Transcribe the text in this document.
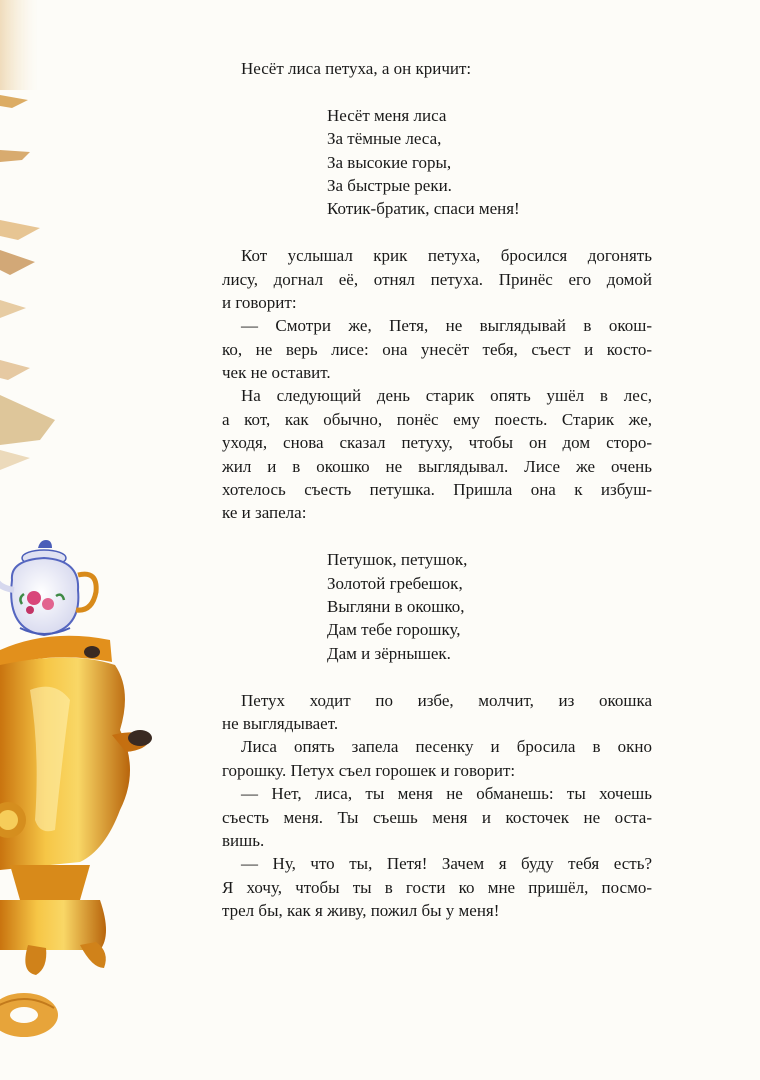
Несёт лиса петуха, а он кричит:
Несёт меня лиса
За тёмные леса,
За высокие горы,
За быстрые реки.
Котик-братик, спаси меня!
Кот услышал крик петуха, бросился догонять
лису, догнал её, отнял петуха. Принёс его домой
и говорит:
— Смотри же, Петя, не выглядывай в окош-
ко, не верь лисе: она унесёт тебя, съест и косто-
чек не оставит.
На следующий день старик опять ушёл в лес,
а кот, как обычно, понёс ему поесть. Старик же,
уходя, снова сказал петуху, чтобы он дом сторо-
жил и в окошко не выглядывал. Лисе же очень
хотелось съесть петушка. Пришла она к избуш-
ке и запела:
Петушок, петушок,
Золотой гребешок,
Выгляни в окошко,
Дам тебе горошку,
Дам и зёрнышек.
Петух ходит по избе, молчит, из окошка
не выглядывает.
Лиса опять запела песенку и бросила в окно
горошку. Петух съел горошек и говорит:
— Нет, лиса, ты меня не обманешь: ты хочешь
съесть меня. Ты съешь меня и косточек не оста-
вишь.
— Ну, что ты, Петя! Зачем я буду тебя есть?
Я хочу, чтобы ты в гости ко мне пришёл, посмо-
трел бы, как я живу, пожил бы у меня!
